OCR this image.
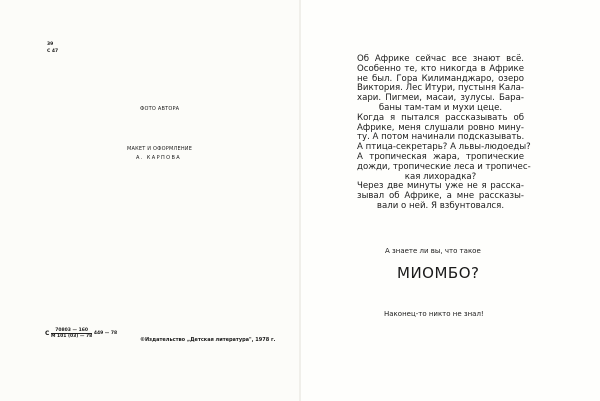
39
С 47
ФОТО АВТОРА
МАКЕТ И ОФОРМЛЕНИЕ
А. КАРПОВА
С $\frac{70803 — 160}{М 101 (03) — 78} 449$ — 78
©Издательство „Детская литература", 1978 г.
Об Африке сейчас все знают всё.
Особенно те, кто никогда в Африке
не был. Гора Килиманджаро, озеро
Виктория. Лес Итури, пустыня Кала-
хари. Пигмеи, масаи, зулусы. Бара-
баны там-там и мухи цеце.
Когда я пытался рассказывать об
Африке, меня слушали ровно мину-
ту. А потом начинали подсказывать.
А птица-секретарь? А львы-людоеды?
А тропическая жара, тропические
дожди, тропические леса и тропичес-
кая лихорадка?
Через две минуты уже не я расска-
зывал об Африке, а мне рассказы-
вали о ней. Я взбунтовался.
А знаете ли вы, что такое
МИОМБО?
Наконец-то никто не знал!
